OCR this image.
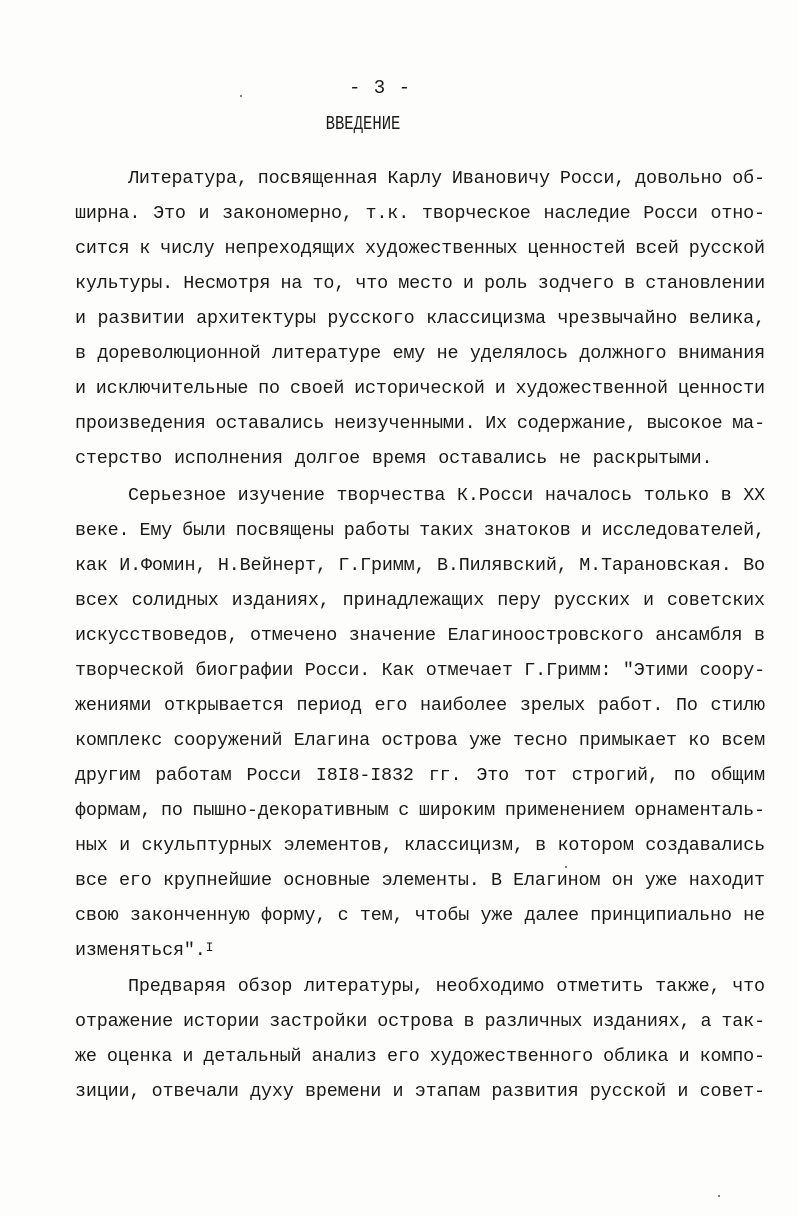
- 3 -
ВВЕДЕНИЕ
Литература, посвященная Карлу Ивановичу Росси, довольно об-
ширна. Это и закономерно, т.к. творческое наследие Росси отно-
сится к числу непреходящих художественных ценностей всей русской
культуры. Несмотря на то, что место и роль зодчего в становлении
и развитии архитектуры русского классицизма чрезвычайно велика,
в дореволюционной литературе ему не уделялось должного внимания
и исключительные по своей исторической и художественной ценности
произведения оставались неизученными. Их содержание, высокое ма-
стерство исполнения долгое время оставались не раскрытыми.
Серьезное изучение творчества К.Росси началось только в XX
веке. Ему были посвящены работы таких знатоков и исследователей,
как И.Фомин, Н.Вейнерт, Г.Гримм, В.Пилявский, М.Тарановская. Во
всех солидных изданиях, принадлежащих перу русских и советских
искусствоведов, отмечено значение Елагиноостровского ансамбля в
творческой биографии Росси. Как отмечает Г.Гримм: "Этими соору-
жениями открывается период его наиболее зрелых работ. По стилю
комплекс сооружений Елагина острова уже тесно примыкает ко всем
другим работам Росси I8I8-I832 гг. Это тот строгий, по общим
формам, по пышно-декоративным с широким применением орнаменталь-
ных и скульптурных элементов, классицизм, в котором создавались
все его крупнейшие основные элементы. В Елагином он уже находит
свою законченную форму, с тем, чтобы уже далее принципиально не
изменяться".$^I$
Предваряя обзор литературы, необходимо отметить также, что
отражение истории застройки острова в различных изданиях, а так-
же оценка и детальный анализ его художественного облика и компо-
зиции, отвечали духу времени и этапам развития русской и совет-
